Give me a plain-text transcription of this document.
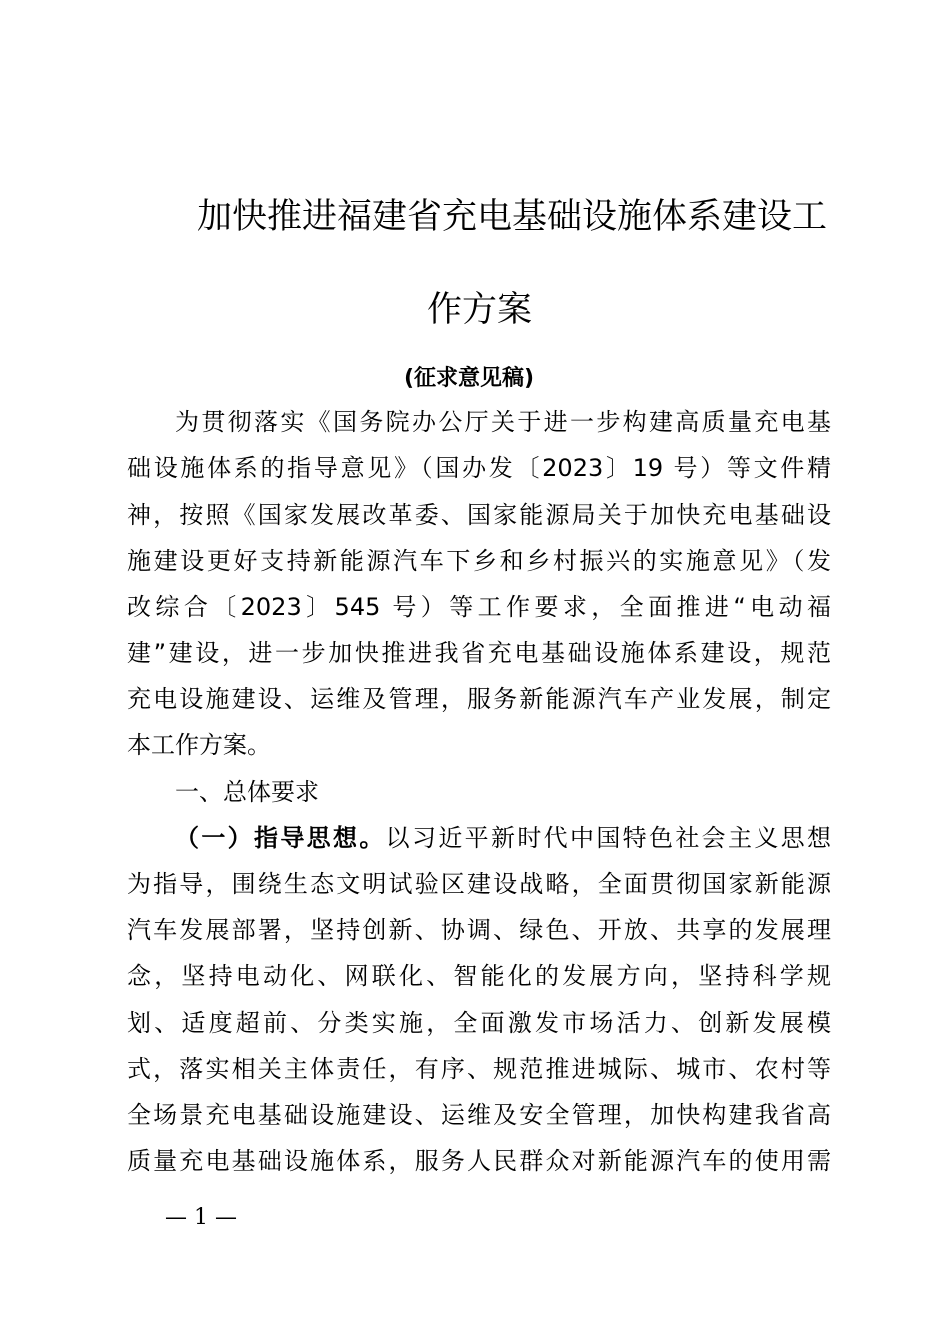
加快推进福建省充电基础设施体系建设工
作方案
(征求意见稿)
为贯彻落实《国务院办公厅关于进一步构建高质量充电基
础设施体系的指导意见》（国办发〔2023〕19 号）等文件精
神，按照《国家发展改革委、国家能源局关于加快充电基础设
施建设更好支持新能源汽车下乡和乡村振兴的实施意见》（发
改综合〔2023〕545 号）等工作要求，全面推进“电动福
建”建设，进一步加快推进我省充电基础设施体系建设，规范
充电设施建设、运维及管理，服务新能源汽车产业发展，制定
本工作方案。
一、总体要求
（一）指导思想。以习近平新时代中国特色社会主义思想
为指导，围绕生态文明试验区建设战略，全面贯彻国家新能源
汽车发展部署，坚持创新、协调、绿色、开放、共享的发展理
念，坚持电动化、网联化、智能化的发展方向，坚持科学规
划、适度超前、分类实施，全面激发市场活力、创新发展模
式，落实相关主体责任，有序、规范推进城际、城市、农村等
全场景充电基础设施建设、运维及安全管理，加快构建我省高
质量充电基础设施体系，服务人民群众对新能源汽车的使用需
— 1 —
